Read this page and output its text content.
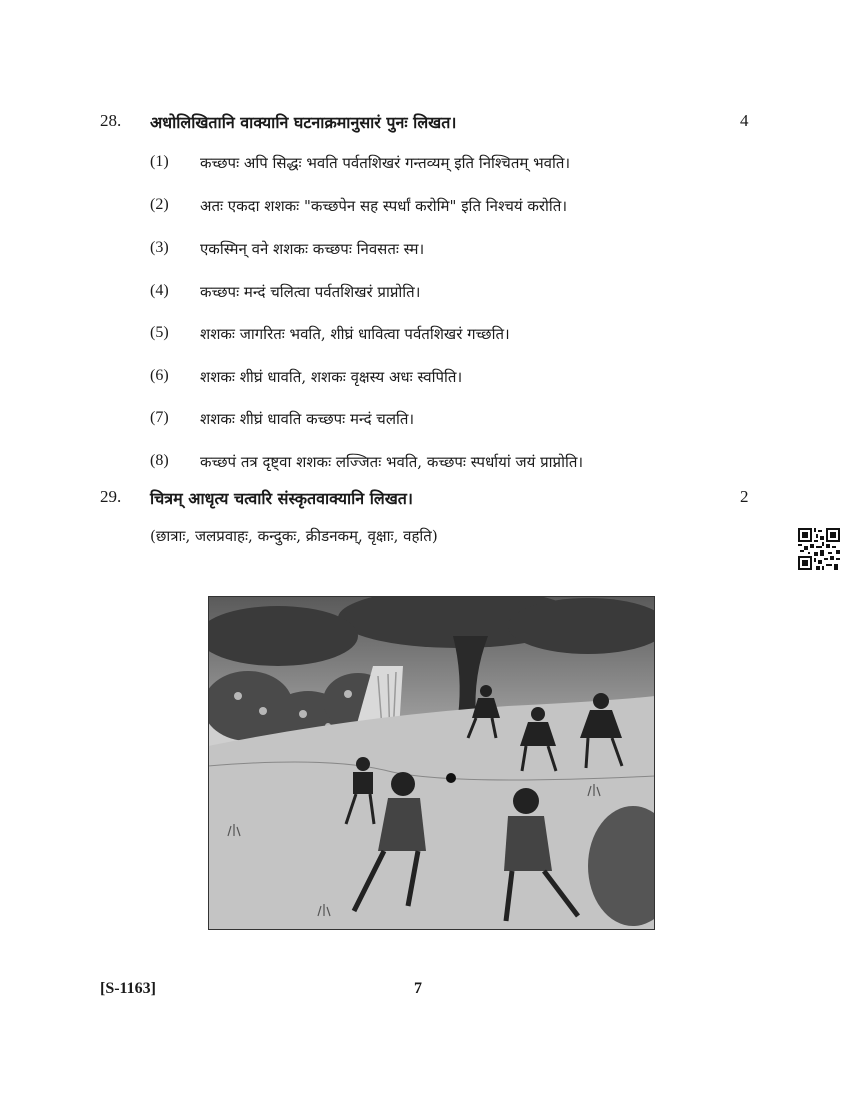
28. अधोलिखितानि वाक्यानि घटनाक्रमानुसारं पुनः लिखत।	4
(1) कच्छपः अपि सिद्धः भवति पर्वतशिखरं गन्तव्यम् इति निश्चितम् भवति।
(2) अतः एकदा शशकः "कच्छपेन सह स्पर्धां करोमि" इति निश्चयं करोति।
(3) एकस्मिन् वने शशकः कच्छपः निवसतः स्म।
(4) कच्छपः मन्दं चलित्वा पर्वतशिखरं प्राप्नोति।
(5) शशकः जागरितः भवति, शीघ्रं धावित्वा पर्वतशिखरं गच्छति।
(6) शशकः शीघ्रं धावति, शशकः वृक्षस्य अधः स्वपिति।
(7) शशकः शीघ्रं धावति कच्छपः मन्दं चलति।
(8) कच्छपं तत्र दृष्ट्वा शशकः लज्जितः भवति, कच्छपः स्पर्धायां जयं प्राप्नोति।
29. चित्रम् आधृत्य चत्वारि संस्कृतवाक्यानि लिखत।	2
(छात्राः, जलप्रवाहः, कन्दुकः, क्रीडनकम्, वृक्षाः, वहति)
[S-1163]	7
